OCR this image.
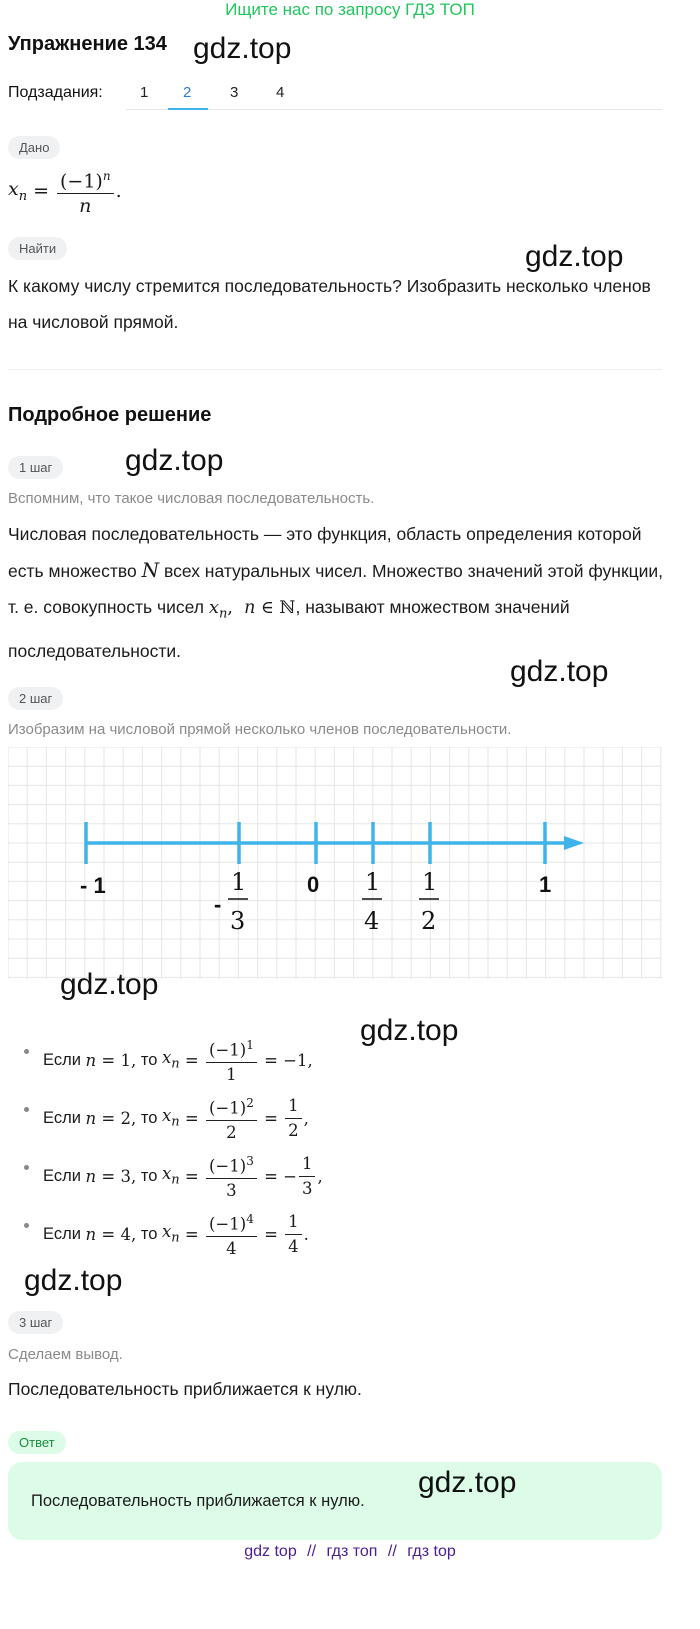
Ищите нас по запросу ГДЗ ТОП
Упражнение 134 gdz.top
Подзадания: 1 2	3	4
Дано
$x_n = \frac{(-1)^n}{n}$ .
Найти	gdz.top
К какому числу стремится последовательность? Изобразить несколько членов на числовой прямой.
Подробное решение
1 шаг	gdz.top
Вспомним, что такое числовая последовательность.
Числовая последовательность — это функция, область определения которой есть множество N всех натуральных чисел. Множество значений этой функции, т. е. совокупность чисел $x_n$,  n ∈ ℕ, называют множеством значений последовательности.
gdz.top
2 шаг
Изобразим на числовой прямой несколько членов последовательности.
- 1
-
1
3
0 1
4
1
2
1
gdz.top
gdz.top
Если
n = 1 ,
то
$x_n = \frac{(-1)^1}{1} = -1$ ,
Если
n = 2 ,
то
$x_n = \frac{(-1)^2}{2} = \frac{1}{2}$ ,
Если
n = 3 ,
то
$x_n = \frac{(-1)^3}{3}$ = − $\frac{1}{3}$ ,
Если
n = 4 ,
то
$x_n = \frac{(-1)^4}{4} = \frac{1}{4}$ .
gdz.top
3 шаг
Сделаем вывод.
Последовательность приближается к нулю.
Ответ
Последовательность приближается к нулю.
gdz.top
gdz top // гдз топ // гдз top
